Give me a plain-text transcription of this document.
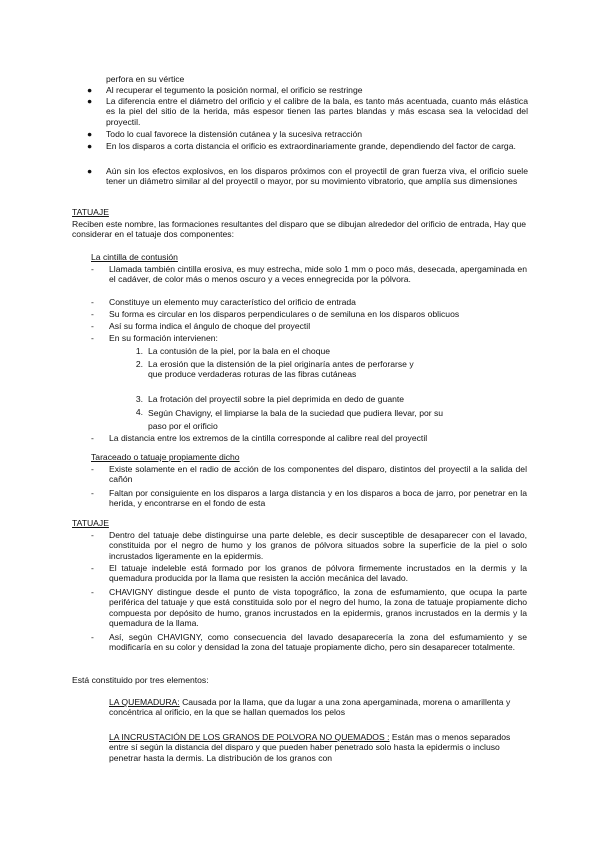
perfora en su vértice
● Al recuperar el tegumento la posición normal, el orificio se restringe
● La diferencia entre el diámetro del orificio y el calibre de la bala, es tanto más acentuada, cuanto más elástica es la piel del sitio de la herida, más espesor tienen las partes blandas y más escasa sea la velocidad del proyectil.
● Todo lo cual favorece la distensión cutánea y la sucesiva retracción
● En los disparos a corta distancia el orificio es extraordinariamente grande, dependiendo del factor de carga.
● Aún sin los efectos explosivos, en los disparos próximos con el proyectil de gran fuerza viva, el orificio suele tener un diámetro similar al del proyectil o mayor, por su movimiento vibratorio, que amplía sus dimensiones
TATUAJE
Reciben este nombre, las formaciones resultantes del disparo que se dibujan alrededor del orificio de entrada, Hay que considerar en el tatuaje dos componentes:
La cintilla de contusión
- Llamada también cintilla erosiva, es muy estrecha, mide solo 1 mm o poco más, desecada, apergaminada en el cadáver, de color más o menos oscuro y a veces ennegrecida por la pólvora.
- Constituye un elemento muy característico del orificio de entrada
- Su forma es circular en los disparos perpendiculares o de semiluna en los disparos oblicuos
- Así su forma indica el ángulo de choque del proyectil
- En su formación intervienen:
1. La contusión de la piel, por la bala en el choque
2. La erosión que la distensión de la piel originaría antes de perforarse y que produce verdaderas roturas de las fibras cutáneas
3. La frotación del proyectil sobre la piel deprimida en dedo de guante
4. Según Chavigny, el limpiarse la bala de la suciedad que pudiera llevar, por su paso por el orificio
- La distancia entre los extremos de la cintilla corresponde al calibre real del proyectil
Taraceado o tatuaje propiamente dicho
- Existe solamente en el radio de acción de los componentes del disparo, distintos del proyectil a la salida del cañón
- Faltan por consiguiente en los disparos a larga distancia y en los disparos a boca de jarro, por penetrar en la herida, y encontrarse en el fondo de esta
TATUAJE
- Dentro del tatuaje debe distinguirse una parte deleble, es decir susceptible de desaparecer con el lavado, constituida por el negro de humo y los granos de pólvora situados sobre la superficie de la piel o solo incrustados ligeramente en la epidermis.
- El tatuaje indeleble está formado por los granos de pólvora firmemente incrustados en la dermis y la quemadura producida por la llama que resisten la acción mecánica del lavado.
- CHAVIGNY distingue desde el punto de vista topográfico, la zona de esfumamiento, que ocupa la parte periférica del tatuaje y que está constituida solo por el negro del humo, la zona de tatuaje propiamente dicho compuesta por depósito de humo, granos incrustados en la epidermis, granos incrustados en la dermis y la quemadura de la llama.
- Así, según CHAVIGNY, como consecuencia del lavado desaparecería la zona del esfumamiento y se modificaría en su color y densidad la zona del tatuaje propiamente dicho, pero sin desaparecer totalmente.
Está constituido por tres elementos:
LA QUEMADURA: Causada por la llama, que da lugar a una zona apergaminada, morena o amarillenta y concéntrica al orificio, en la que se hallan quemados los pelos
LA INCRUSTACIÓN DE LOS GRANOS DE POLVORA NO QUEMADOS : Están mas o menos separados entre sí según la distancia del disparo y que pueden haber penetrado solo hasta la epidermis o incluso penetrar hasta la dermis. La distribución de los granos con
